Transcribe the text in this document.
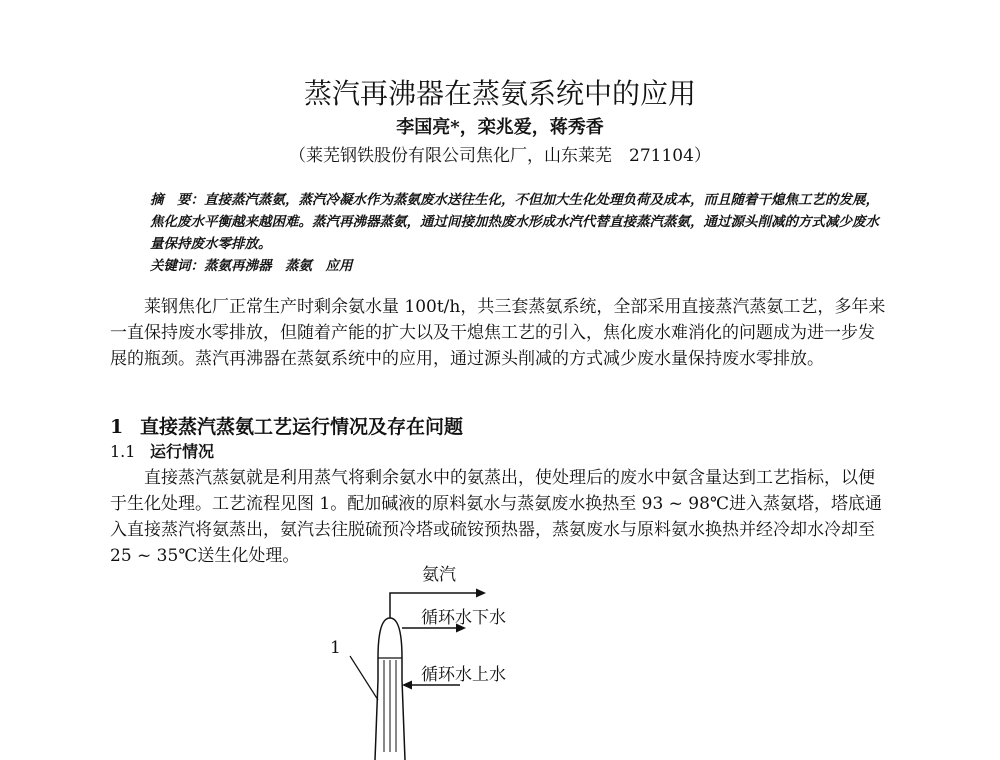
蒸汽再沸器在蒸氨系统中的应用
李国亮*，栾兆爱，蒋秀香
（莱芜钢铁股份有限公司焦化厂，山东莱芜　271104）

摘　要：直接蒸汽蒸氨，蒸汽冷凝水作为蒸氨废水送往生化，不但加大生化处理负荷及成本，而且随着干熄焦工艺的发展，焦化废水平衡越来越困难。蒸汽再沸器蒸氨，通过间接加热废水形成水汽代替直接蒸汽蒸氨，通过源头削减的方式减少废水量保持废水零排放。

关键词：蒸氨再沸器　蒸氨　应用

莱钢焦化厂正常生产时剩余氨水量 100t/h，共三套蒸氨系统，全部采用直接蒸汽蒸氨工艺，多年来一直保持废水零排放，但随着产能的扩大以及干熄焦工艺的引入，焦化废水难消化的问题成为进一步发展的瓶颈。蒸汽再沸器在蒸氨系统中的应用，通过源头削减的方式减少废水量保持废水零排放。

1 直接蒸汽蒸氨工艺运行情况及存在问题
1.1 运行情况

直接蒸汽蒸氨就是利用蒸气将剩余氨水中的氨蒸出，使处理后的废水中氨含量达到工艺指标，以便于生化处理。工艺流程见图 1。配加碱液的原料氨水与蒸氨废水换热至 93 ~ 98℃进入蒸氨塔，塔底通入直接蒸汽将氨蒸出，氨汽去往脱硫预冷塔或硫铵预热器，蒸氨废水与原料氨水换热并经冷却水冷却至 25 ~ 35℃送生化处理。

氨汽
循环水下水
循环水上水
1
